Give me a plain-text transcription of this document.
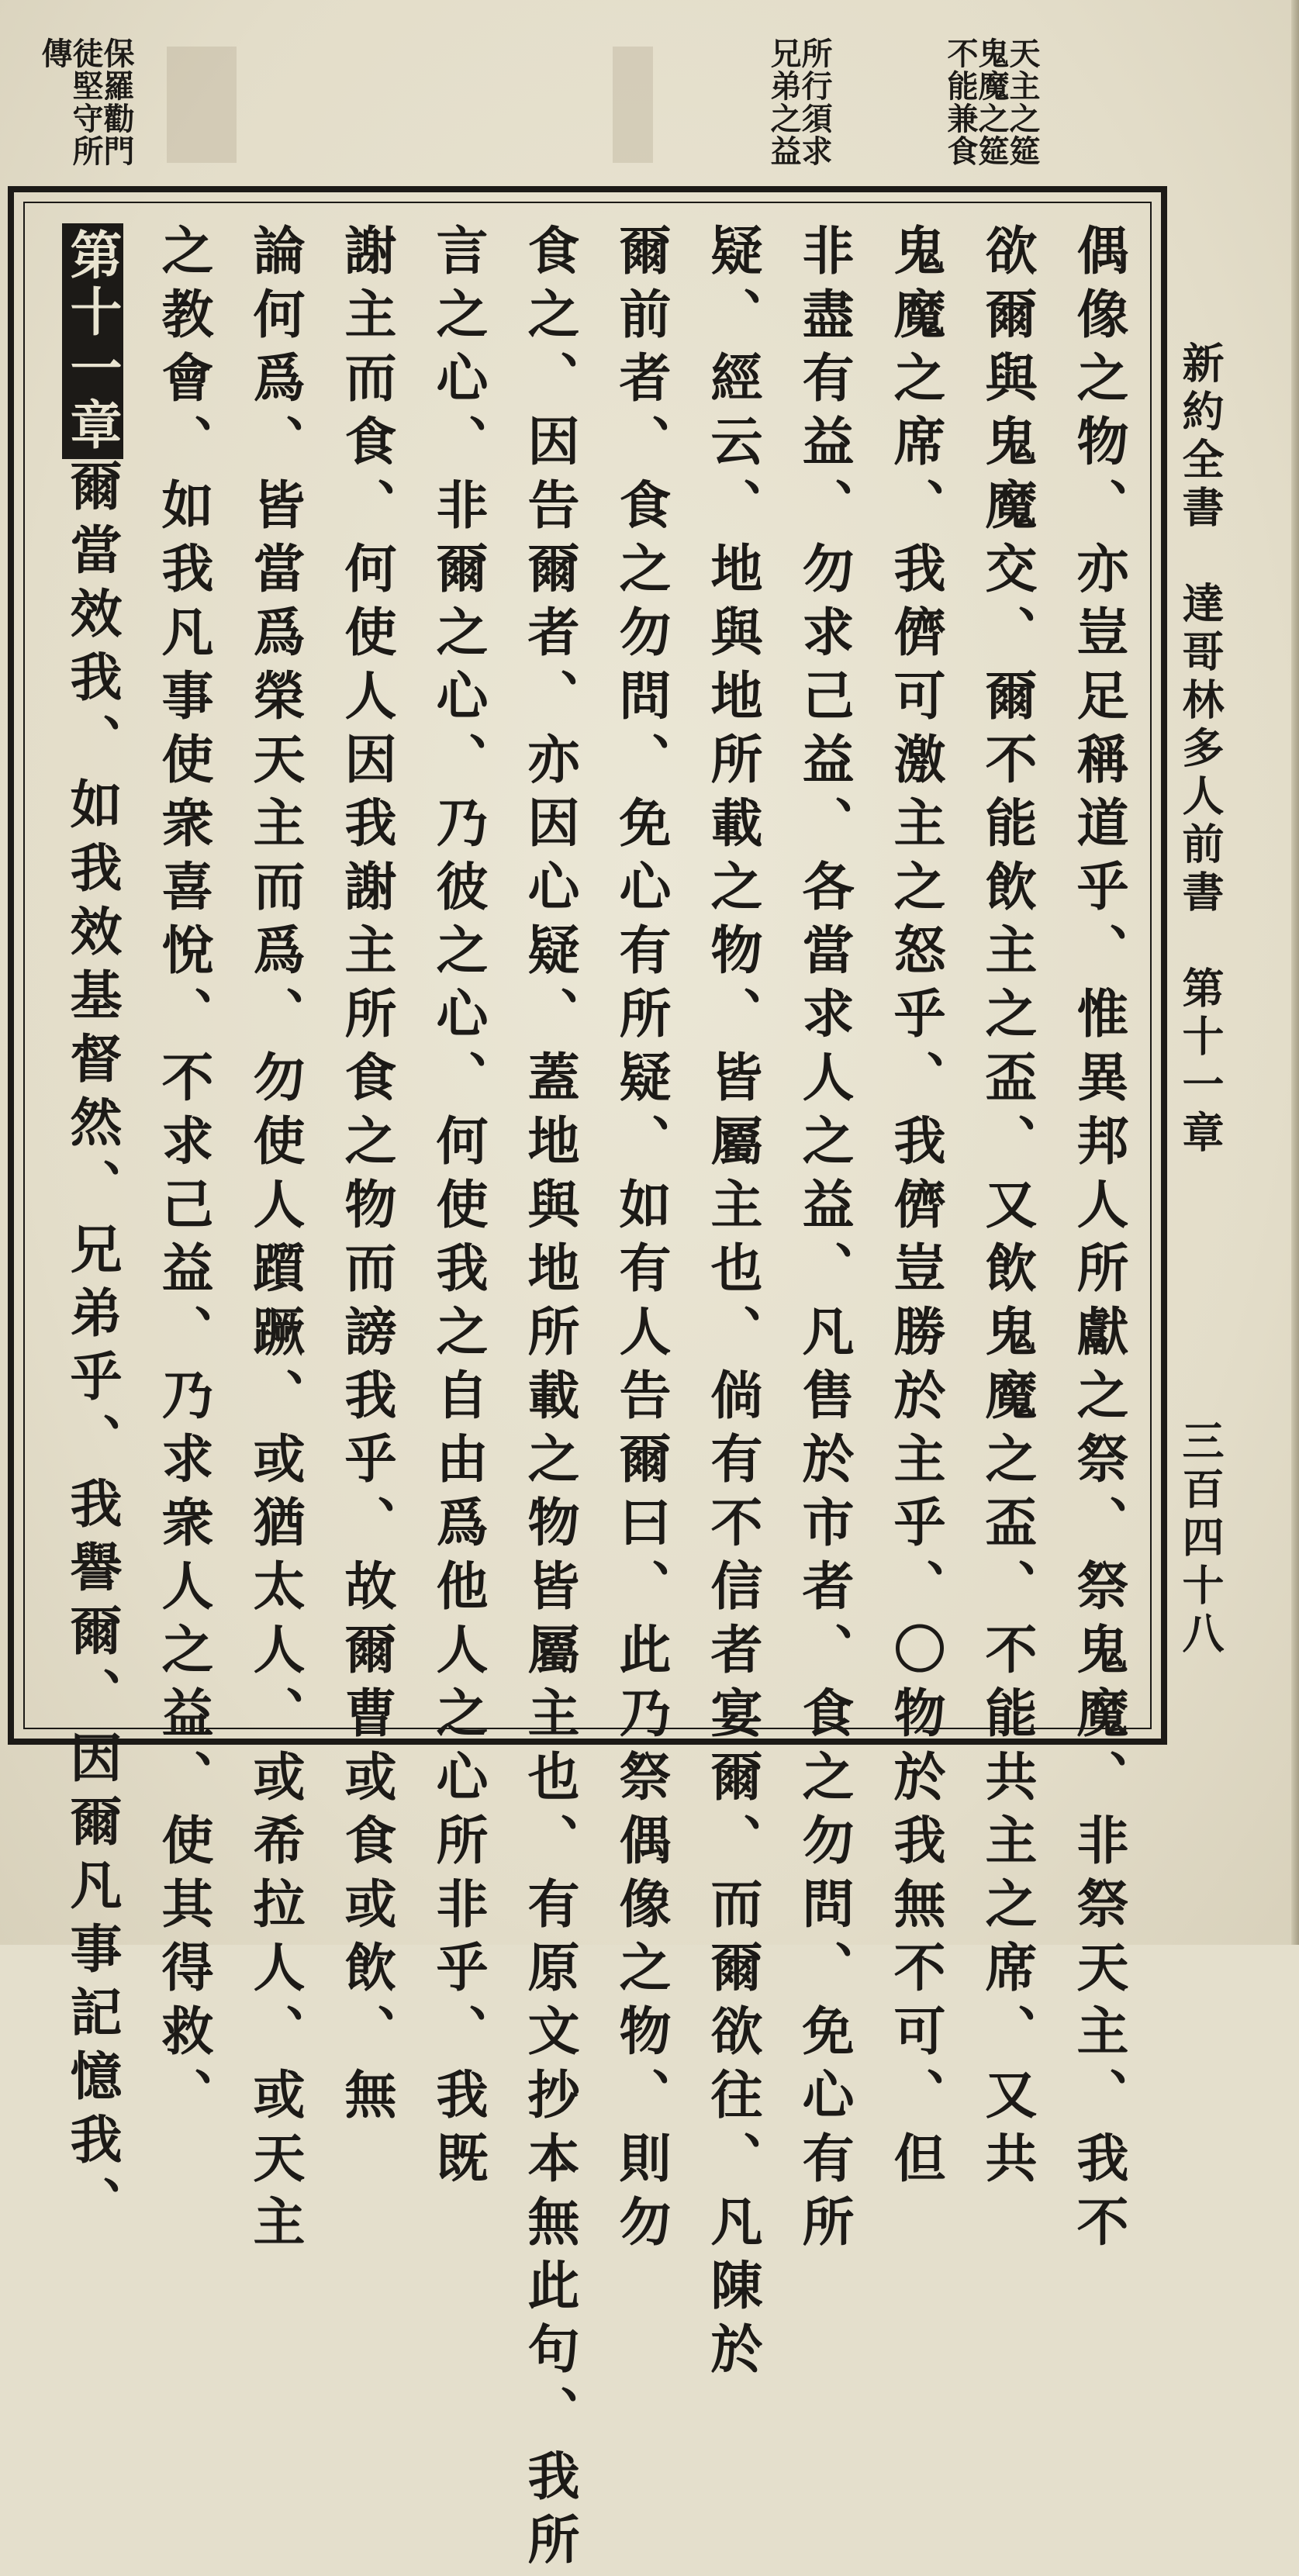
天主之筵
鬼魔之筵
不能兼食
所行須求
兄弟之益
保羅勸門
徒堅守所
傳
偶像之物、亦豈足稱道乎、惟異邦人所獻之祭、祭鬼魔、非祭天主、我不
欲爾與鬼魔交、爾不能飲主之盃、又飲鬼魔之盃、不能共主之席、又共
鬼魔之席、我儕可激主之怒乎、我儕豈勝於主乎、〇物於我無不可、但
非盡有益、勿求己益、各當求人之益、凡售於市者、食之勿問、免心有所
疑、經云、地與地所載之物、皆屬主也、倘有不信者宴爾、而爾欲往、凡陳於
爾前者、食之勿問、免心有所疑、如有人告爾曰、此乃祭偶像之物、則勿
食之、因告爾者、亦因心疑、蓋地與地所載之物皆屬主也、有原文抄本無此句、我所
言之心、非爾之心、乃彼之心、何使我之自由爲他人之心所非乎、我既
謝主而食、何使人因我謝主所食之物而謗我乎、故爾曹或食或飲、無
論何爲、皆當爲榮天主而爲、勿使人躓蹶、或猶太人、或希拉人、或天主
之教會、如我凡事使衆喜悅、不求己益、乃求衆人之益、使其得救、
第十一章爾當效我、如我效基督然、兄弟乎、我譽爾、因爾凡事記憶我、	新約全書　達哥林多人前書　第十一章
三百四十八
